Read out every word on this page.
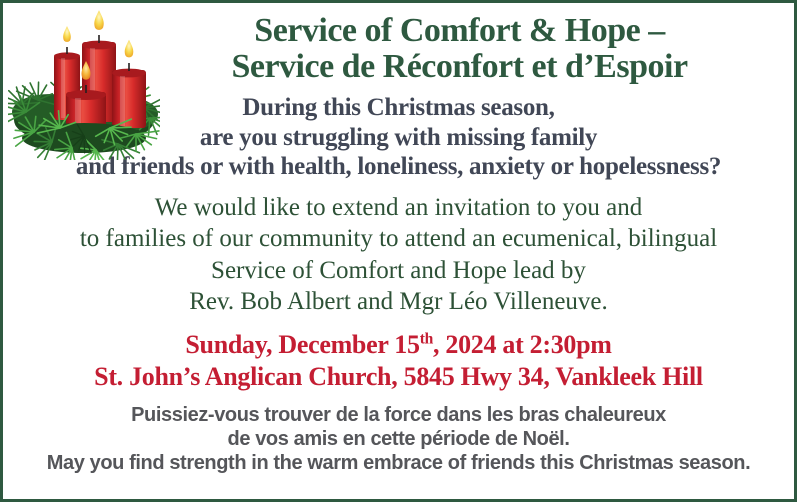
Service of Comfort & Hope –
Service de Réconfort et d’Espoir
During this Christmas season,
are you struggling with missing family
and friends or with health, loneliness, anxiety or hopelessness?
We would like to extend an invitation to you and
to families of our community to attend an ecumenical, bilingual
Service of Comfort and Hope lead by
Rev. Bob Albert and Mgr Léo Villeneuve.
Sunday, December 15th, 2024 at 2:30pm
St. John’s Anglican Church, 5845 Hwy 34, Vankleek Hill
Puissiez-vous trouver de la force dans les bras chaleureux
de vos amis en cette période de Noël.
May you find strength in the warm embrace of friends this Christmas season.
